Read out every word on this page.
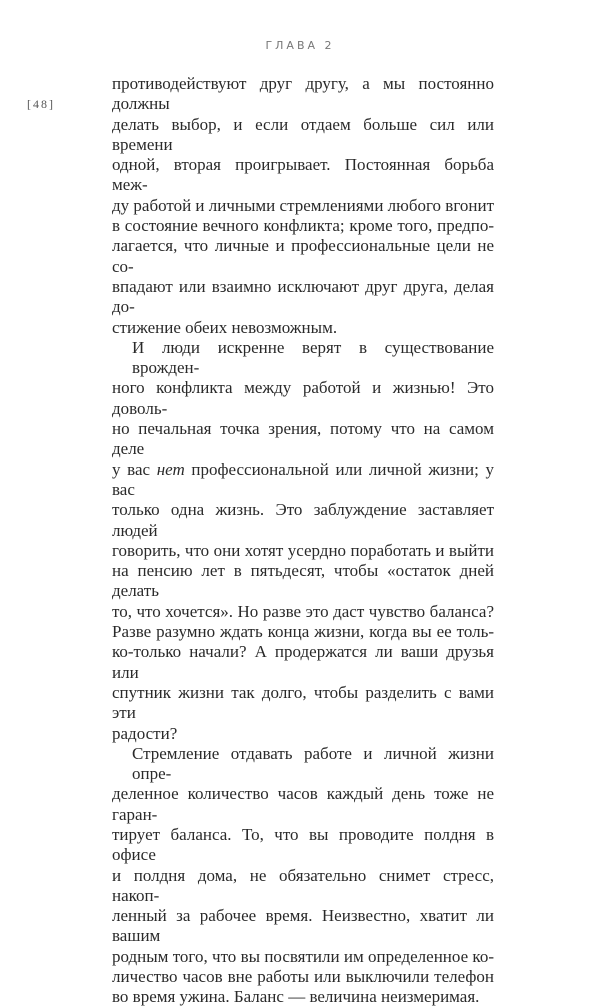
ГЛАВА 2
[48]
противодействуют друг другу, а мы постоянно должны
делать выбор, и если отдаем больше сил или времени
одной, вторая проигрывает. Постоянная борьба меж-
ду работой и личными стремлениями любого вгонит
в состояние вечного конфликта; кроме того, предпо-
лагается, что личные и профессиональные цели не со-
впадают или взаимно исключают друг друга, делая до-
стижение обеих невозможным.
И люди искренне верят в существование врожден-
ного конфликта между работой и жизнью! Это доволь-
но печальная точка зрения, потому что на самом деле
у вас нет профессиональной или личной жизни; у вас
только одна жизнь. Это заблуждение заставляет людей
говорить, что они хотят усердно поработать и выйти
на пенсию лет в пятьдесят, чтобы «остаток дней делать
то, что хочется». Но разве это даст чувство баланса?
Разве разумно ждать конца жизни, когда вы ее толь-
ко-только начали? А продержатся ли ваши друзья или
спутник жизни так долго, чтобы разделить с вами эти
радости?
Стремление отдавать работе и личной жизни опре-
деленное количество часов каждый день тоже не гаран-
тирует баланса. То, что вы проводите полдня в офисе
и полдня дома, не обязательно снимет стресс, накоп-
ленный за рабочее время. Неизвестно, хватит ли вашим
родным того, что вы посвятили им определенное ко-
личество часов вне работы или выключили телефон
во время ужина. Баланс — величина неизмеримая.
